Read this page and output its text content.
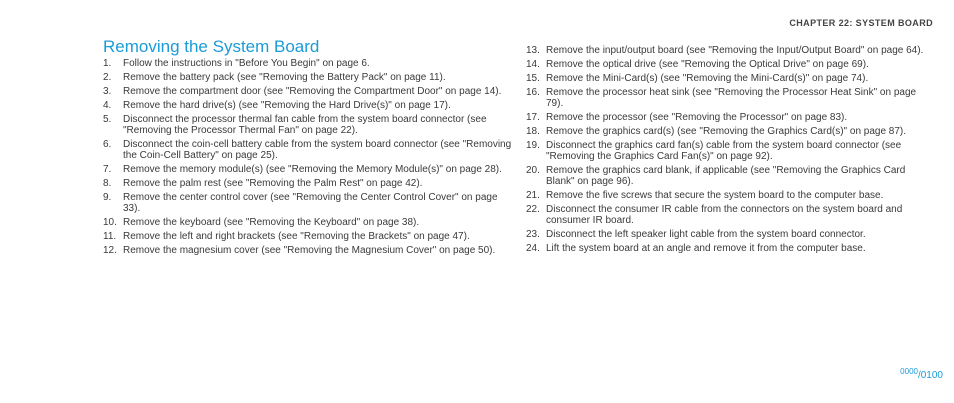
CHAPTER 22: SYSTEM BOARD
Removing the System Board
1.	Follow the instructions in "Before You Begin" on page 6.
2.	Remove the battery pack (see "Removing the Battery Pack" on page 11).
3.	Remove the compartment door (see "Removing the Compartment Door" on page 14).
4.	Remove the hard drive(s) (see "Removing the Hard Drive(s)" on page 17).
5.	Disconnect the processor thermal fan cable from the system board connector (see "Removing the Processor Thermal Fan" on page 22).
6.	Disconnect the coin-cell battery cable from the system board connector (see "Removing the Coin-Cell Battery" on page 25).
7.	Remove the memory module(s) (see "Removing the Memory Module(s)" on page 28).
8.	Remove the palm rest (see "Removing the Palm Rest" on page 42).
9.	Remove the center control cover (see "Removing the Center Control Cover" on page 33).
10. Remove the keyboard (see "Removing the Keyboard" on page 38).
11. Remove the left and right brackets (see "Removing the Brackets" on page 47).
12. Remove the magnesium cover (see "Removing the Magnesium Cover" on page 50).
13. Remove the input/output board (see "Removing the Input/Output Board" on page 64).
14. Remove the optical drive (see "Removing the Optical Drive" on page 69).
15. Remove the Mini-Card(s) (see "Removing the Mini-Card(s)" on page 74).
16. Remove the processor heat sink (see "Removing the Processor Heat Sink" on page 79).
17. Remove the processor (see "Removing the Processor" on page 83).
18. Remove the graphics card(s) (see "Removing the Graphics Card(s)" on page 87).
19. Disconnect the graphics card fan(s) cable from the system board connector (see "Removing the Graphics Card Fan(s)" on page 92).
20. Remove the graphics card blank, if applicable (see "Removing the Graphics Card Blank" on page 96).
21. Remove the five screws that secure the system board to the computer base.
22. Disconnect the consumer IR cable from the connectors on the system board and consumer IR board.
23. Disconnect the left speaker light cable from the system board connector.
24. Lift the system board at an angle and remove it from the computer base.
$^{0000}$/0100
